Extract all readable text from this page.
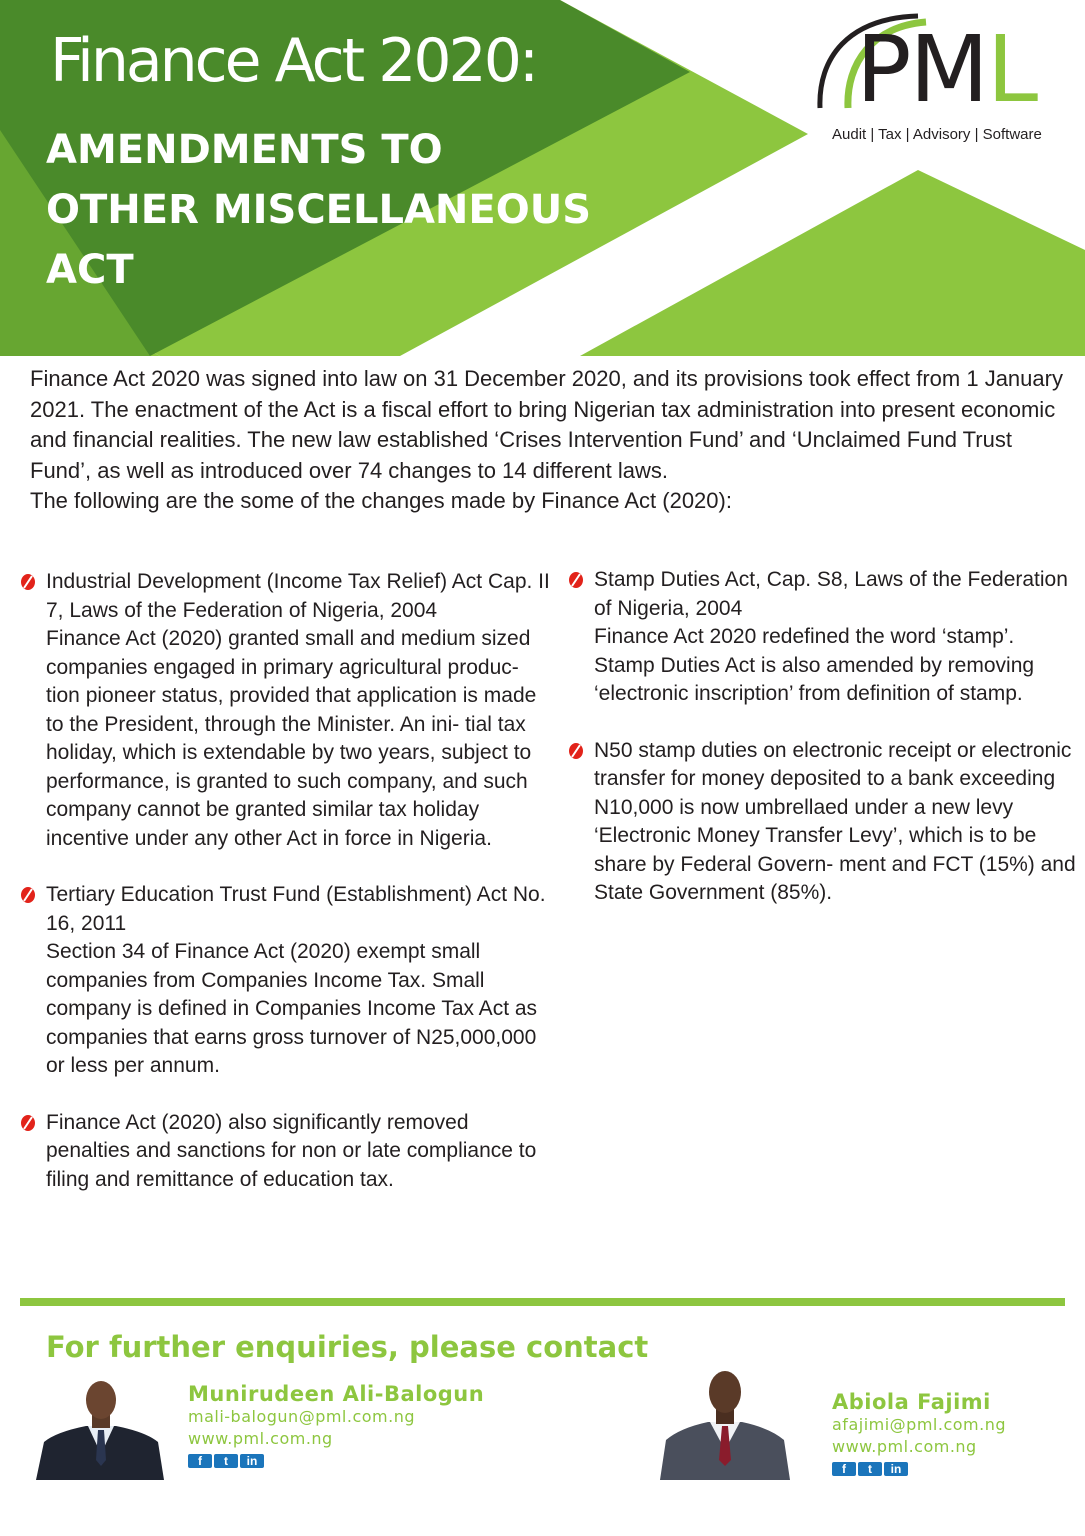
Finance Act 2020:
AMENDMENTS TO
OTHER MISCELLANEOUS
ACT
PML
Audit | Tax | Advisory | Software

Finance Act 2020 was signed into law on 31 December 2020, and its provisions took effect from 1 January 2021. The enactment of the Act is a fiscal effort to bring Nigerian tax administration into present economic and financial realities. The new law established ‘Crises Intervention Fund’ and ‘Unclaimed Fund Trust Fund’, as well as introduced over 74 changes to 14 different laws.
The following are the some of the changes made by Finance Act (2020):

Industrial Development (Income Tax Relief) Act Cap. II 7, Laws of the Federation of Nigeria, 2004

Finance Act (2020) granted small and medium sized companies engaged in primary agricultural produc- tion pioneer status, provided that application is made to the President, through the Minister. An ini- tial tax holiday, which is extendable by two years, subject to performance, is granted to such company, and such company cannot be granted similar tax holiday incentive under any other Act in force in Nigeria.

Tertiary Education Trust Fund (Establishment) Act No. 16, 2011

Section 34 of Finance Act (2020) exempt small companies from Companies Income Tax. Small company is defined in Companies Income Tax Act as companies that earns gross turnover of N25,000,000 or less per annum.

Finance Act (2020) also significantly removed penalties and sanctions for non or late compliance to filing and remittance of education tax.

Stamp Duties Act, Cap. S8, Laws of the Federation of Nigeria, 2004

Finance Act 2020 redefined the word ‘stamp’. Stamp Duties Act is also amended by removing ‘electronic inscription’ from definition of stamp.

N50 stamp duties on electronic receipt or electronic transfer for money deposited to a bank exceeding N10,000 is now umbrellaed under a new levy ‘Electronic Money Transfer Levy’, which is to be share by Federal Govern- ment and FCT (15%) and State Government (85%).

For further enquiries, please contact

Munirudeen Ali-Balogun

mali-balogun@pml.com.ng

www.pml.com.ng

f	t	in

Abiola Fajimi

afajimi@pml.com.ng

www.pml.com.ng

f	t	in
